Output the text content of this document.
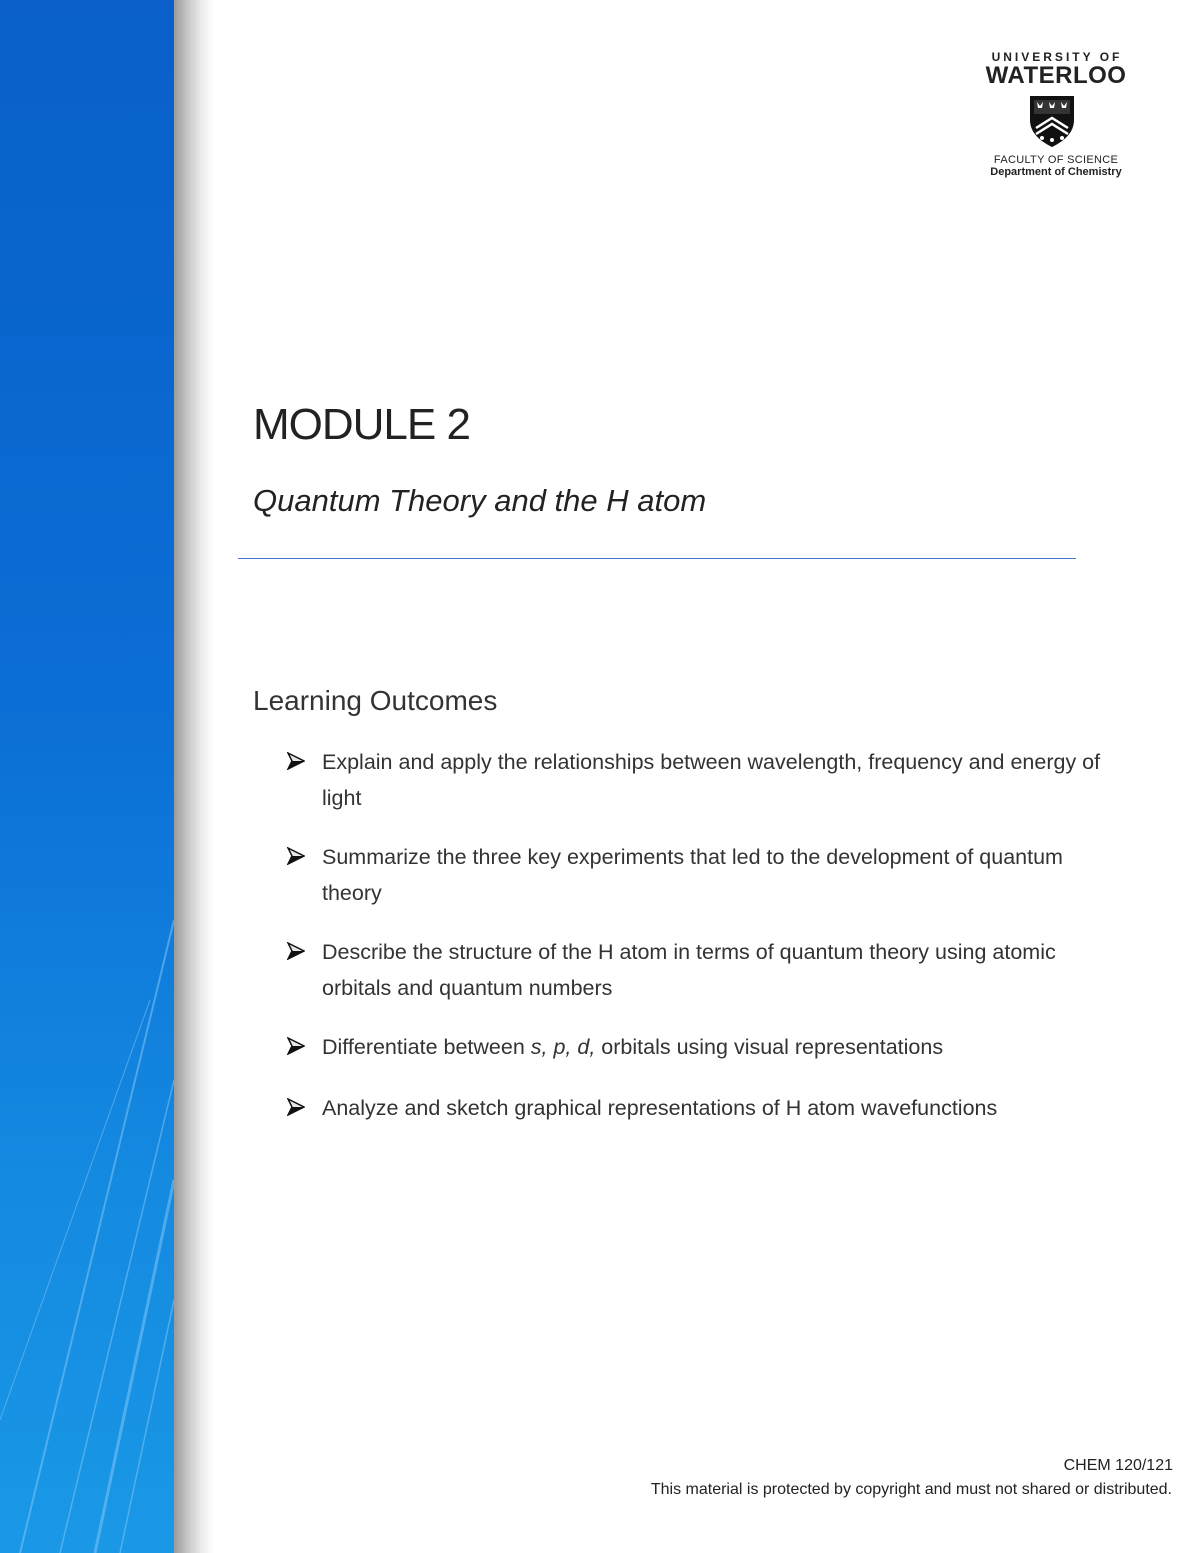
UNIVERSITY OF
WATERLOO
FACULTY OF SCIENCE
Department of Chemistry
MODULE 2
Quantum Theory and the H atom
Learning Outcomes
Explain and apply the relationships between wavelength, frequency and energy of light
Summarize the three key experiments that led to the development of quantum theory
Describe the structure of the H atom in terms of quantum theory using atomic orbitals and quantum numbers
Differentiate between s, p, d, orbitals using visual representations
Analyze and sketch graphical representations of H atom wavefunctions
CHEM 120/121
This material is protected by copyright and must not shared or distributed.
